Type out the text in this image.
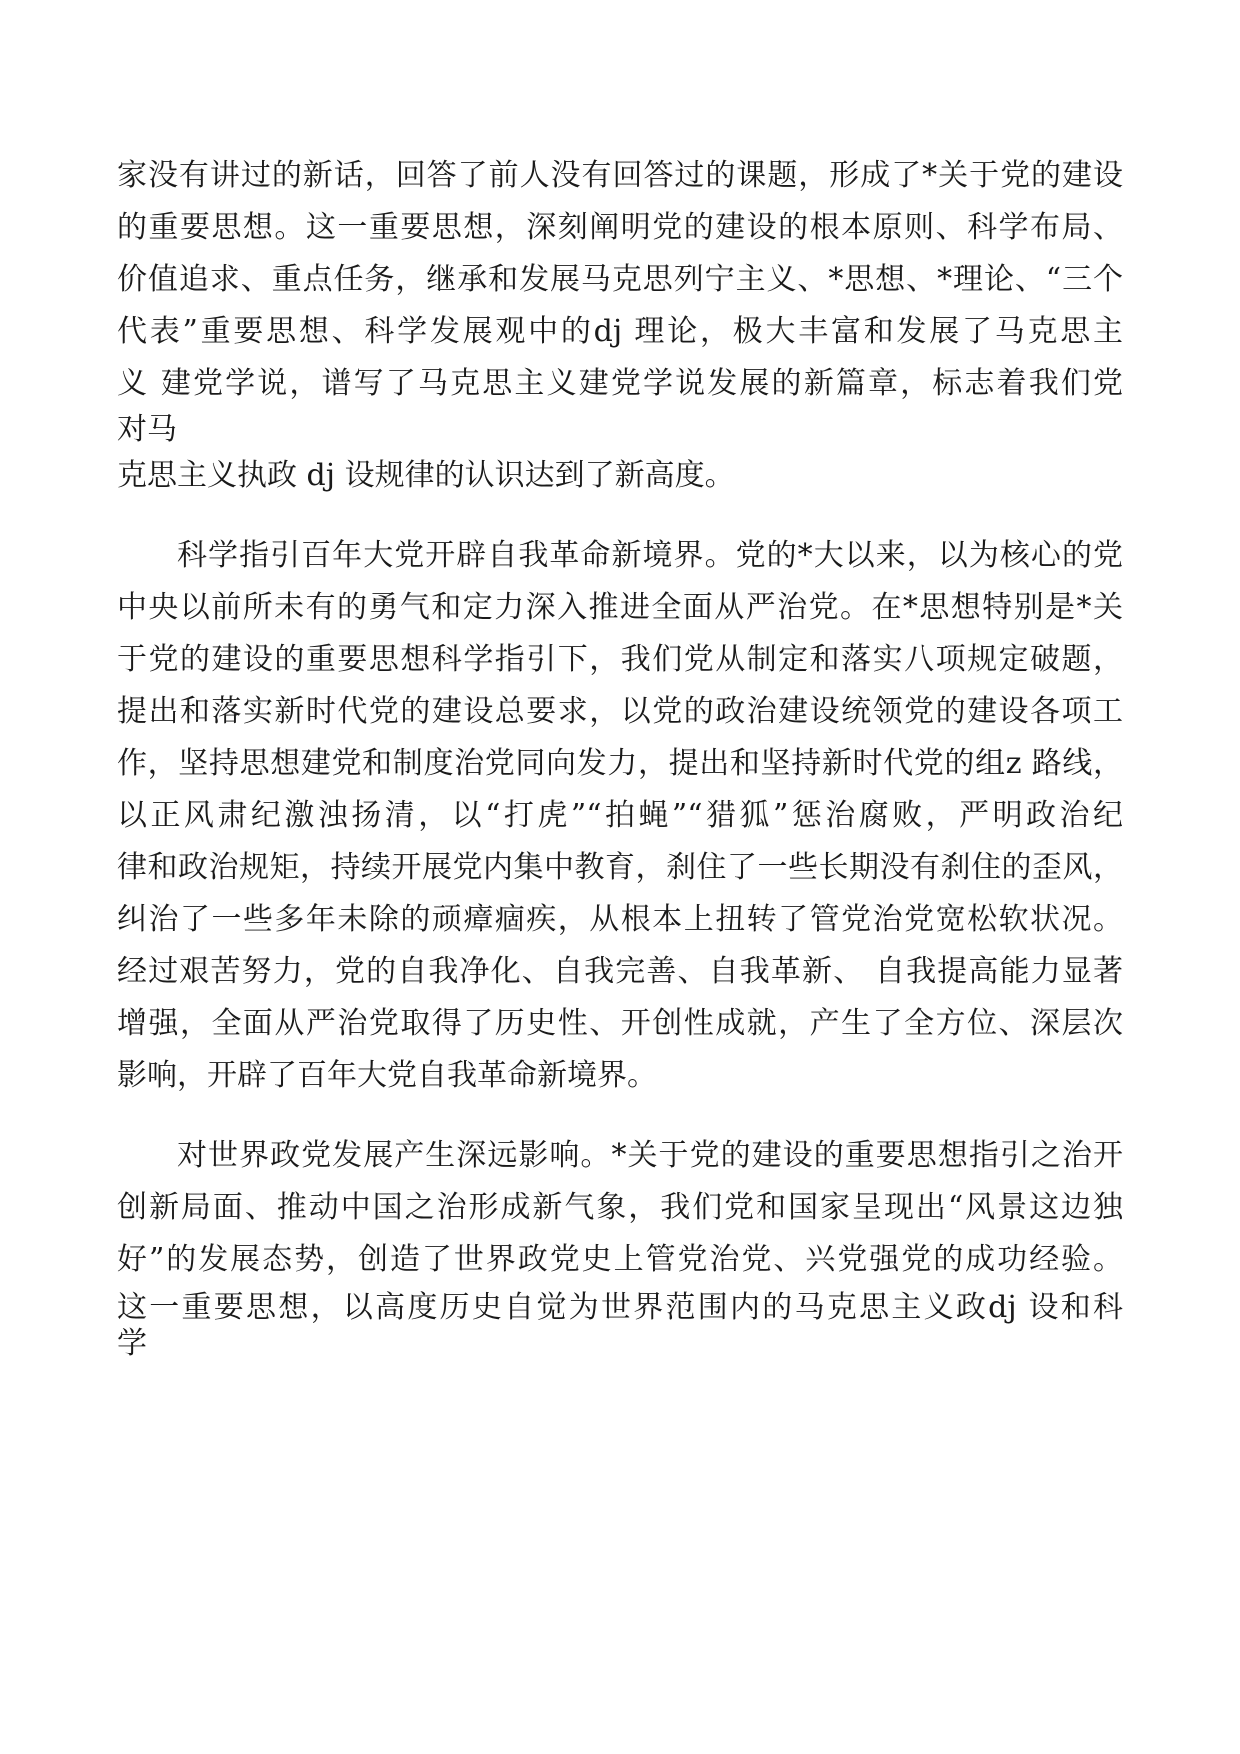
家没有讲过的新话，回答了前人没有回答过的课题，形成了*关于党的建设

的重要思想。这一重要思想，深刻阐明党的建设的根本原则、科学布局、

价值追求、重点任务，继承和发展马克思列宁主义、*思想、*理论、“三个

代表”重要思想、科学发展观中的dj 理论，极大丰富和发展了马克思主

义 建党学说，谱写了马克思主义建党学说发展的新篇章，标志着我们党

对马

克思主义执政 dj 设规律的认识达到了新高度。

科学指引百年大党开辟自我革命新境界。党的*大以来，以为核心的党

中央以前所未有的勇气和定力深入推进全面从严治党。在*思想特别是*关

于党的建设的重要思想科学指引下，我们党从制定和落实八项规定破题，

提出和落实新时代党的建设总要求，以党的政治建设统领党的建设各项工

作，坚持思想建党和制度治党同向发力，提出和坚持新时代党的组z 路线，

以正风肃纪激浊扬清，以“打虎”“拍蝇”“猎狐”惩治腐败，严明政治纪

律和政治规矩，持续开展党内集中教育，刹住了一些长期没有刹住的歪风，

纠治了一些多年未除的顽瘴痼疾，从根本上扭转了管党治党宽松软状况。

经过艰苦努力，党的自我净化、自我完善、自我革新、 自我提高能力显著

增强，全面从严治党取得了历史性、开创性成就，产生了全方位、深层次

影响，开辟了百年大党自我革命新境界。

对世界政党发展产生深远影响。*关于党的建设的重要思想指引之治开

创新局面、推动中国之治形成新气象，我们党和国家呈现出“风景这边独

好”的发展态势，创造了世界政党史上管党治党、兴党强党的成功经验。

这一重要思想，以高度历史自觉为世界范围内的马克思主义政dj 设和科

学
